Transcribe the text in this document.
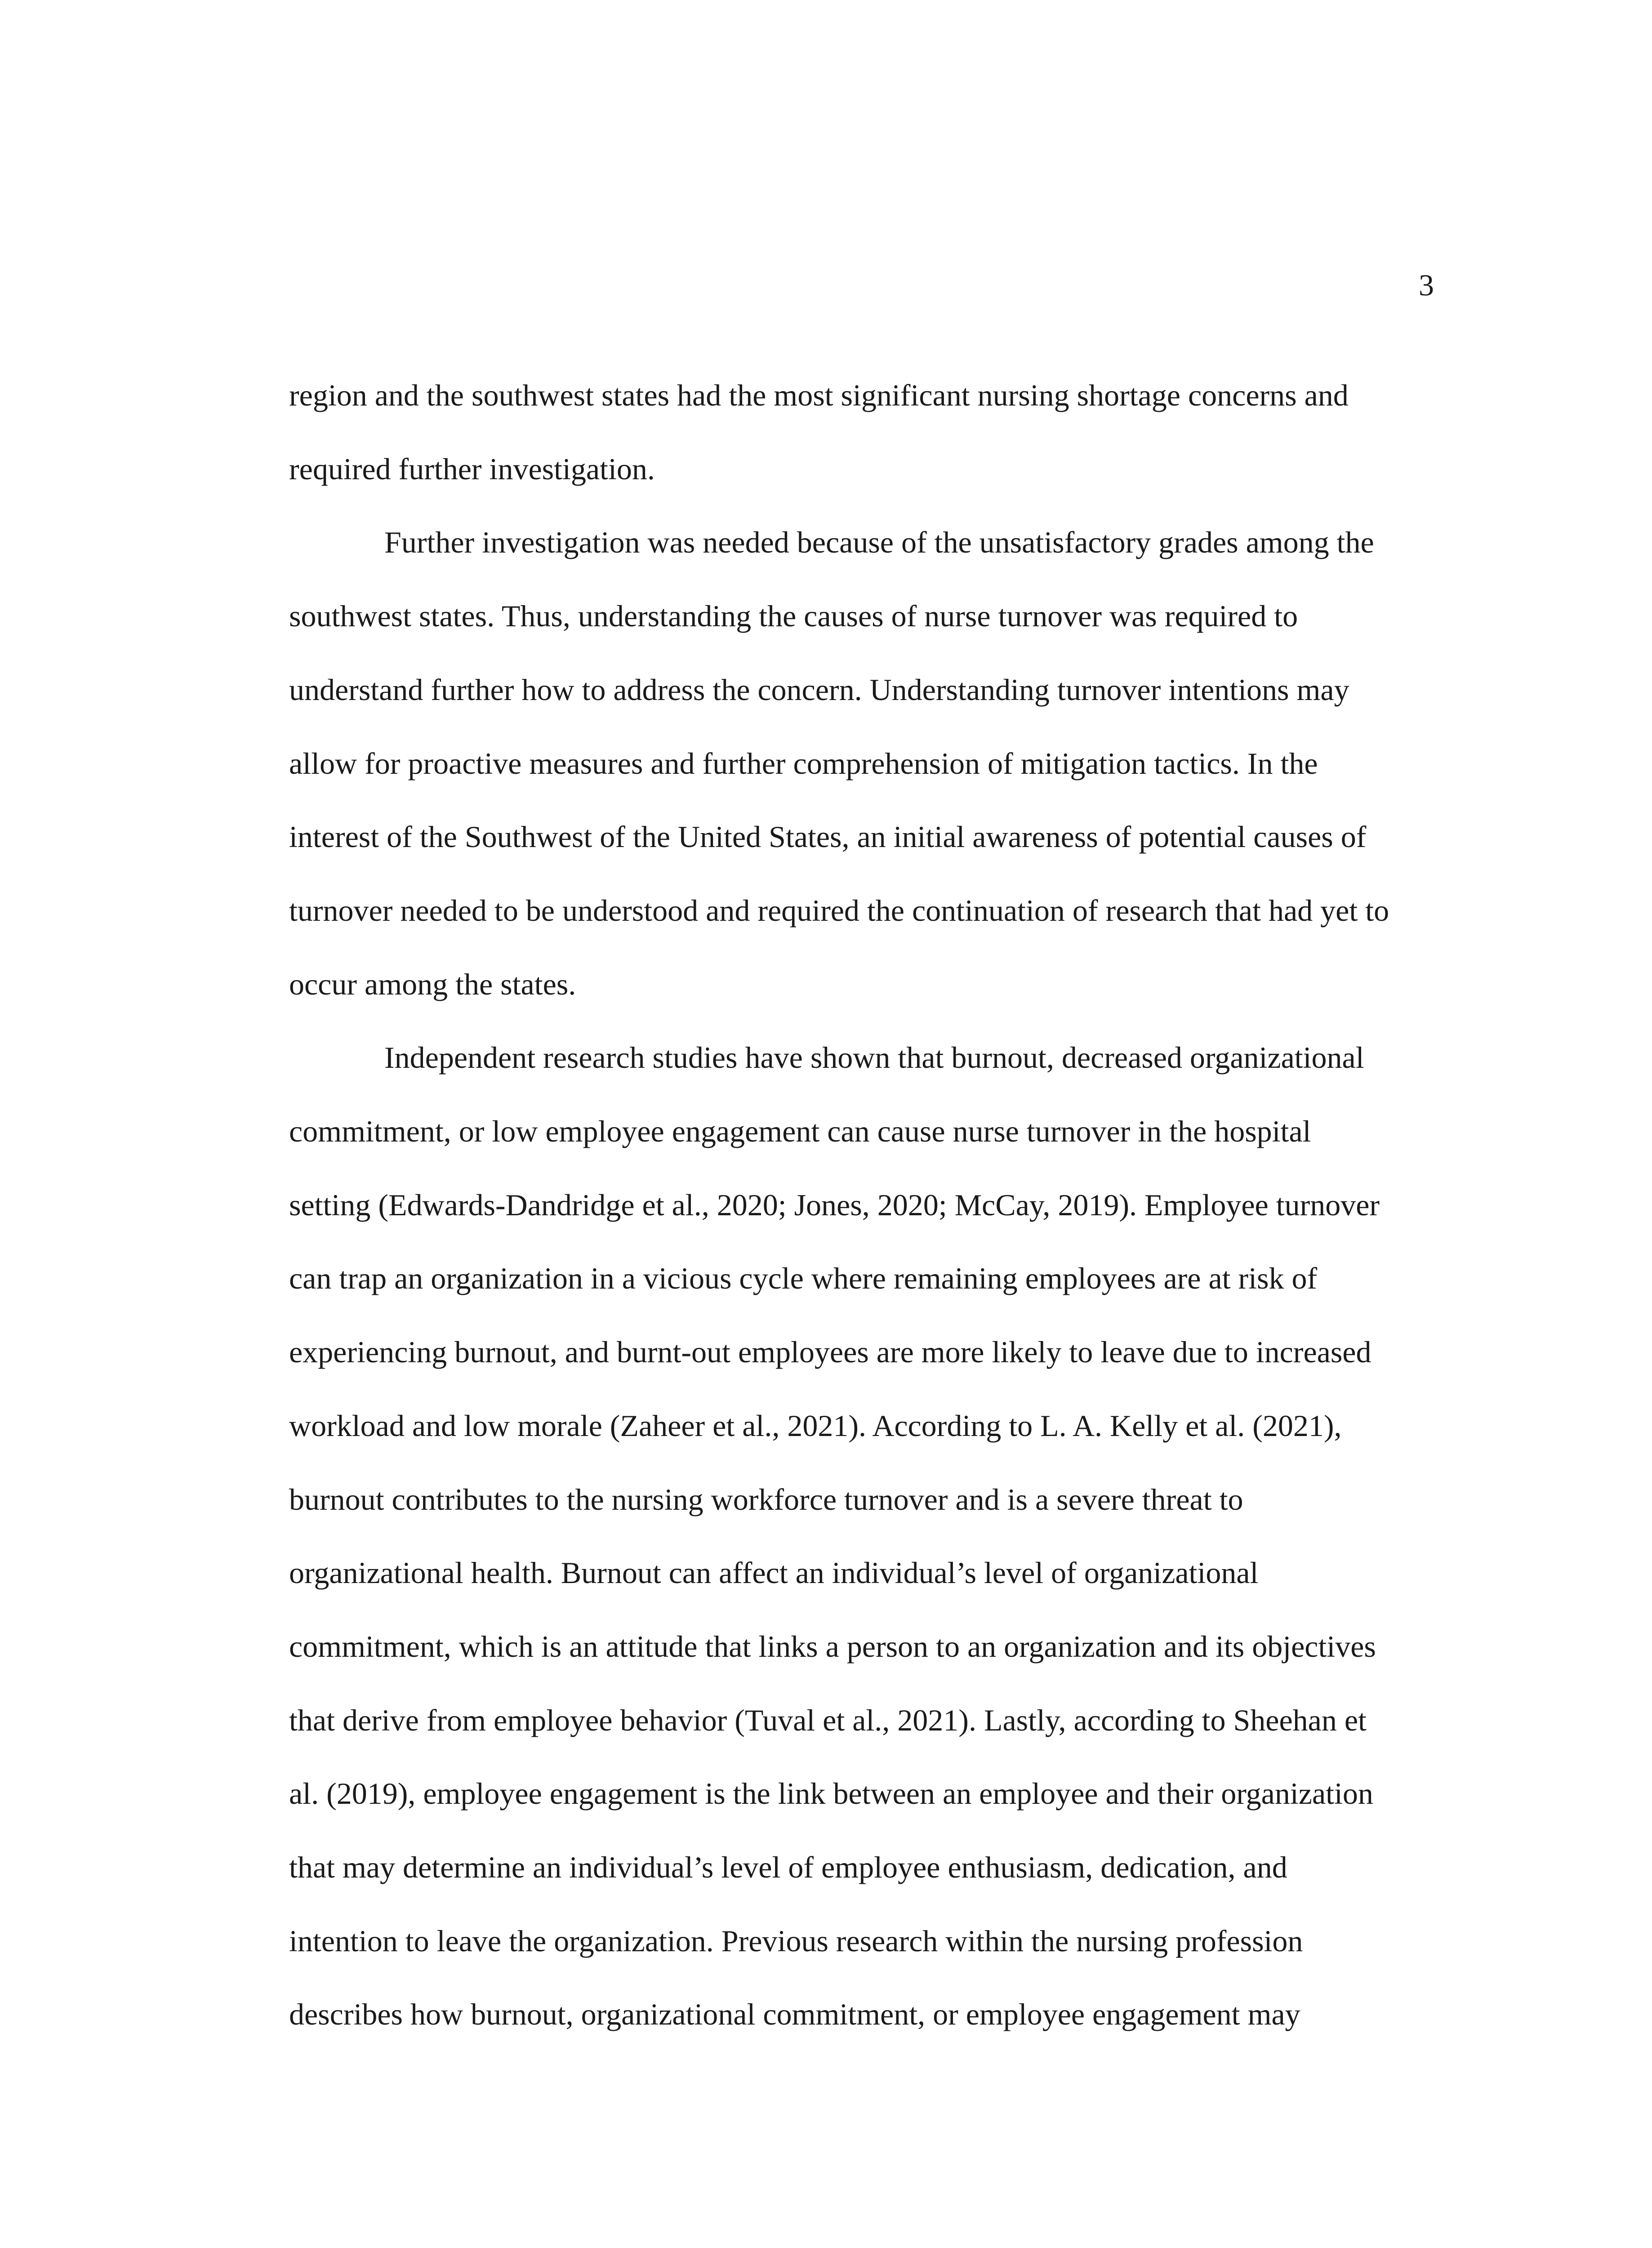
3
region and the southwest states had the most significant nursing shortage concerns and
required further investigation.
Further investigation was needed because of the unsatisfactory grades among the
southwest states. Thus, understanding the causes of nurse turnover was required to
understand further how to address the concern. Understanding turnover intentions may
allow for proactive measures and further comprehension of mitigation tactics. In the
interest of the Southwest of the United States, an initial awareness of potential causes of
turnover needed to be understood and required the continuation of research that had yet to
occur among the states.
Independent research studies have shown that burnout, decreased organizational
commitment, or low employee engagement can cause nurse turnover in the hospital
setting (Edwards-Dandridge et al., 2020; Jones, 2020; McCay, 2019). Employee turnover
can trap an organization in a vicious cycle where remaining employees are at risk of
experiencing burnout, and burnt-out employees are more likely to leave due to increased
workload and low morale (Zaheer et al., 2021). According to L. A. Kelly et al. (2021),
burnout contributes to the nursing workforce turnover and is a severe threat to
organizational health. Burnout can affect an individual’s level of organizational
commitment, which is an attitude that links a person to an organization and its objectives
that derive from employee behavior (Tuval et al., 2021). Lastly, according to Sheehan et
al. (2019), employee engagement is the link between an employee and their organization
that may determine an individual’s level of employee enthusiasm, dedication, and
intention to leave the organization. Previous research within the nursing profession
describes how burnout, organizational commitment, or employee engagement may
